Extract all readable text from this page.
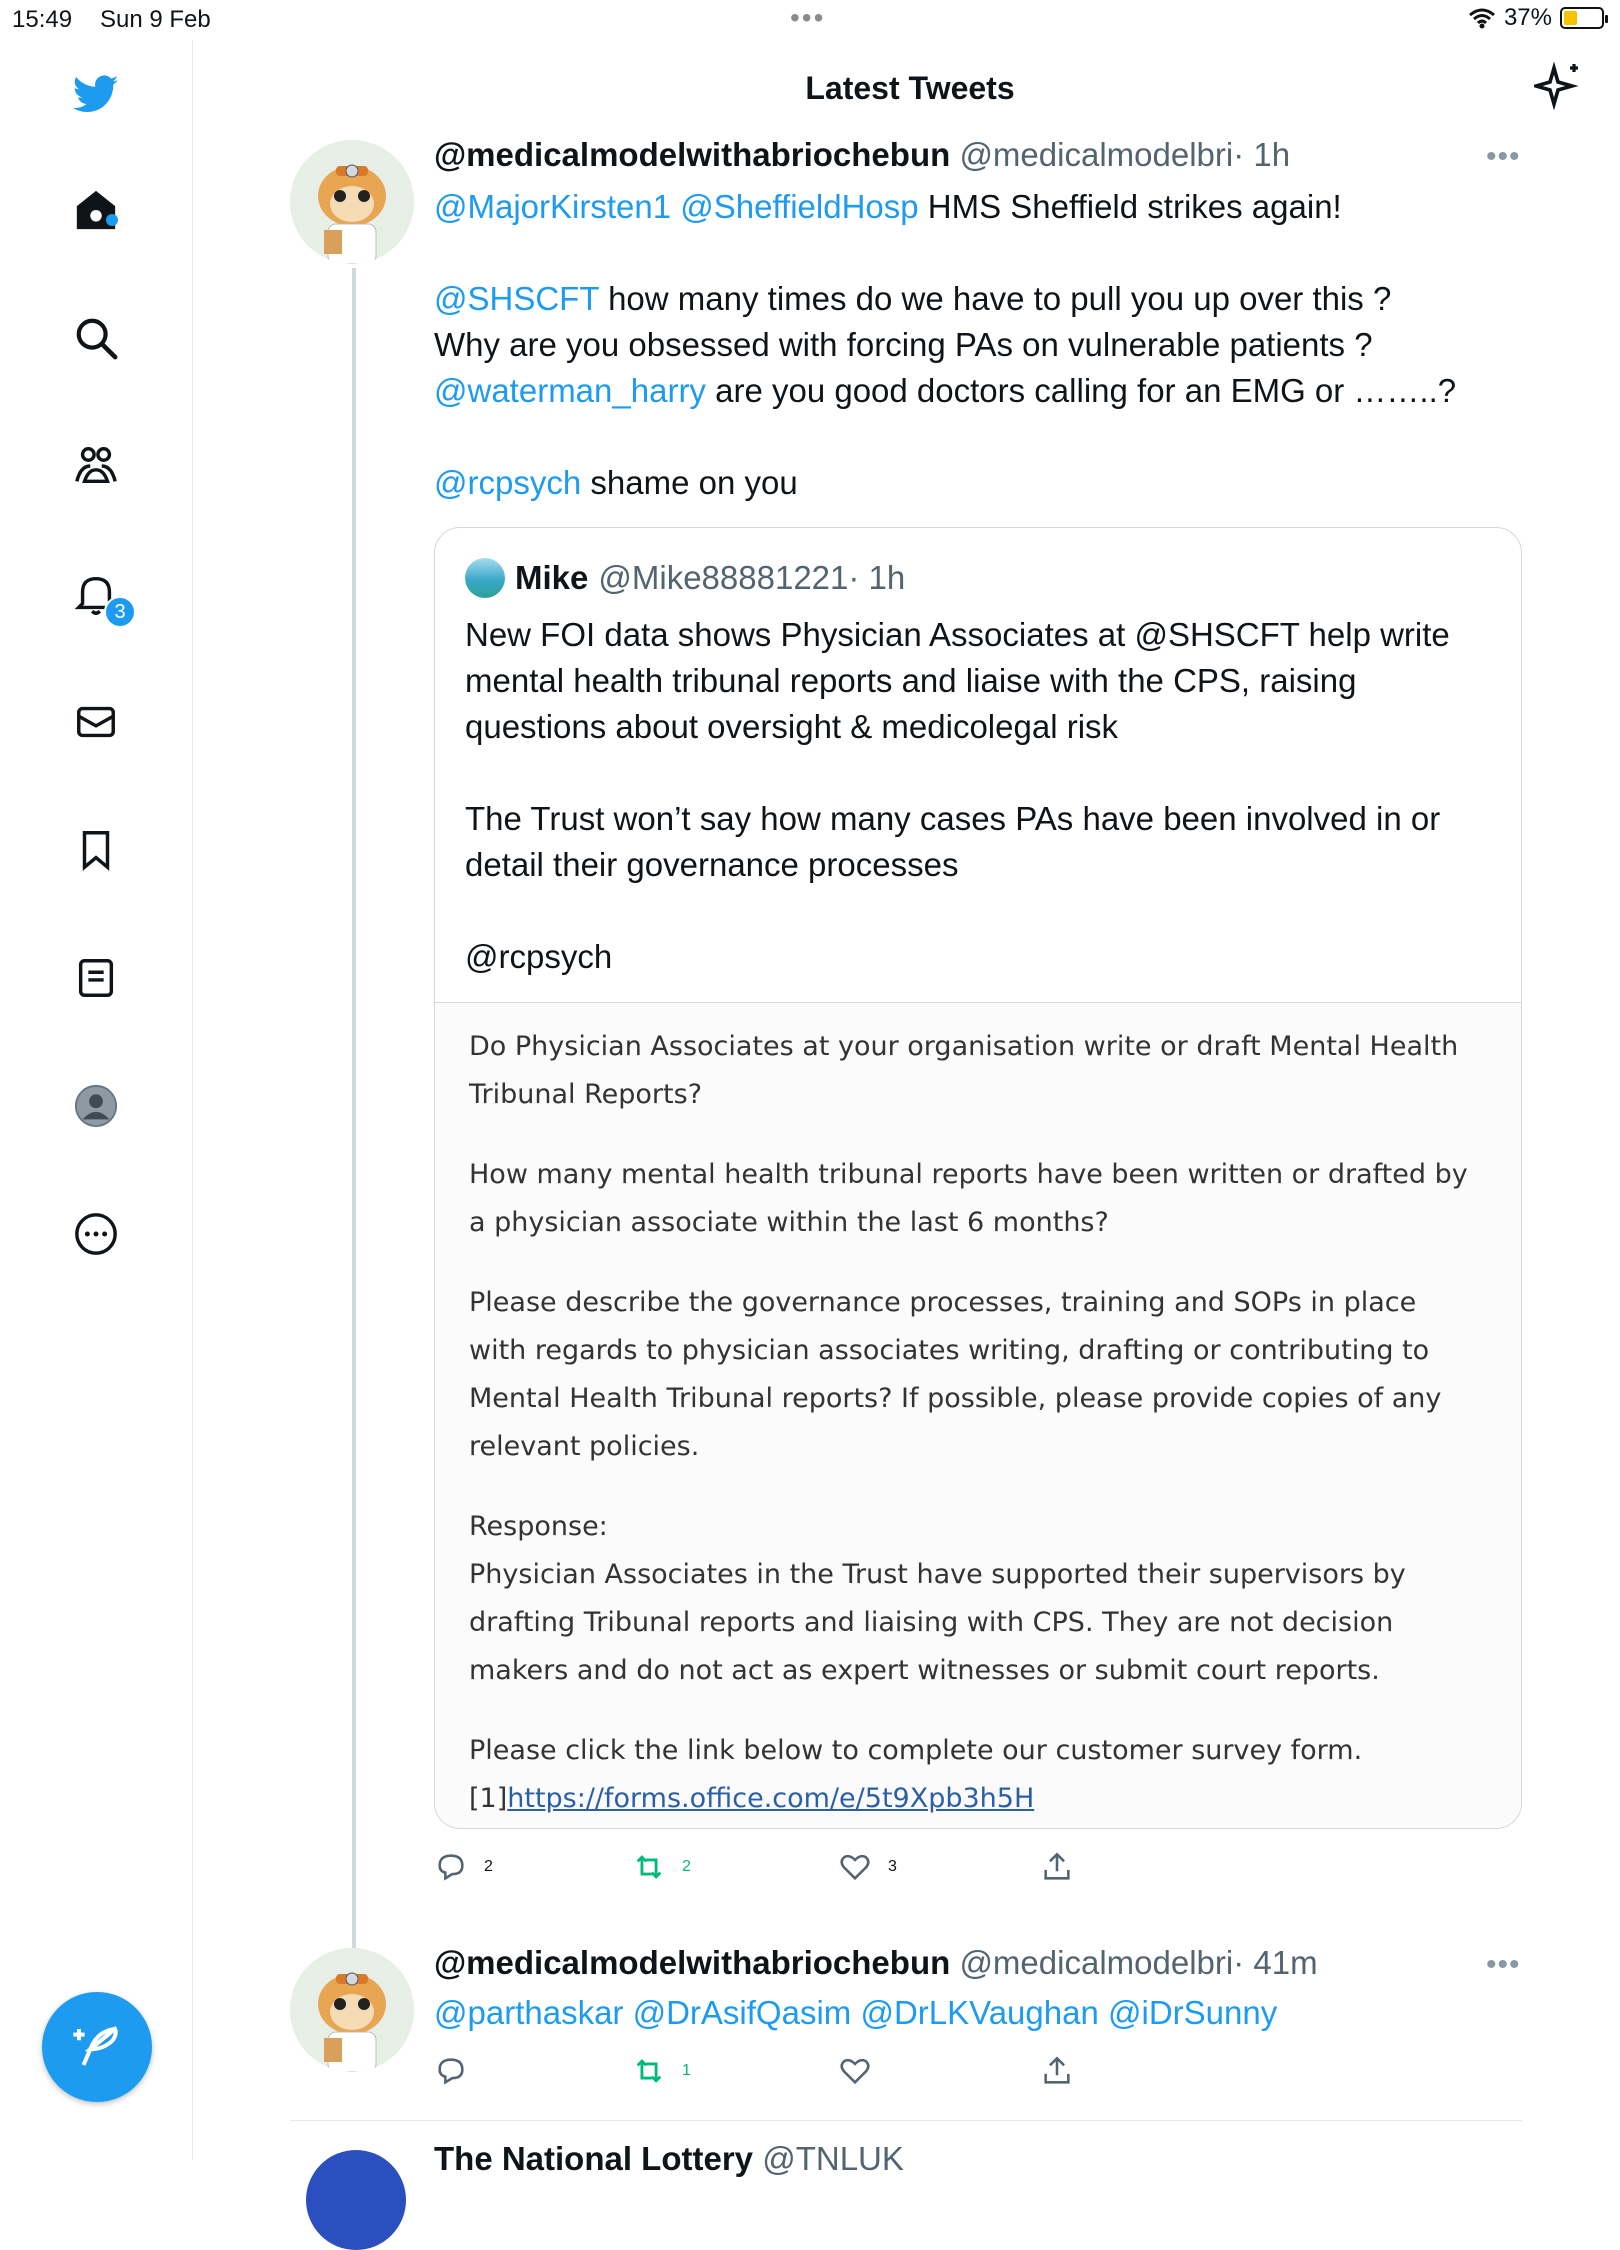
15:49 Sun 9 Feb	•••	37%
3
Latest Tweets
@medicalmodelwithabriochebun @medicalmodelbri· 1h	•••

@MajorKirsten1 @SheffieldHosp HMS Sheffield strikes again!

@SHSCFT how many times do we have to pull you up over this ?

Why are you obsessed with forcing PAs on vulnerable patients ?

@waterman_harry are you good doctors calling for an EMG or ……..?

@rcpsych shame on you

Mike @Mike88881221· 1h

New FOI data shows Physician Associates at @SHSCFT help write mental health tribunal reports and liaise with the CPS, raising questions about oversight & medicolegal risk

The Trust won’t say how many cases PAs have been involved in or detail their governance processes

@rcpsych

Do Physician Associates at your organisation write or draft Mental Health Tribunal Reports?

How many mental health tribunal reports have been written or drafted by a physician associate within the last 6 months?

Please describe the governance processes, training and SOPs in place with regards to physician associates writing, drafting or contributing to Mental Health Tribunal reports? If possible, please provide copies of any relevant policies.

Response:
Physician Associates in the Trust have supported their supervisors by drafting Tribunal reports and liaising with CPS. They are not decision makers and do not act as expert witnesses or submit court reports.

Please click the link below to complete our customer survey form.
[1]https://forms.office.com/e/5t9Xpb3h5H

2	2	3
@medicalmodelwithabriochebun @medicalmodelbri· 41m	•••
@parthaskar @DrAsifQasim @DrLKVaughan @iDrSunny
1
The National Lottery @TNLUK
